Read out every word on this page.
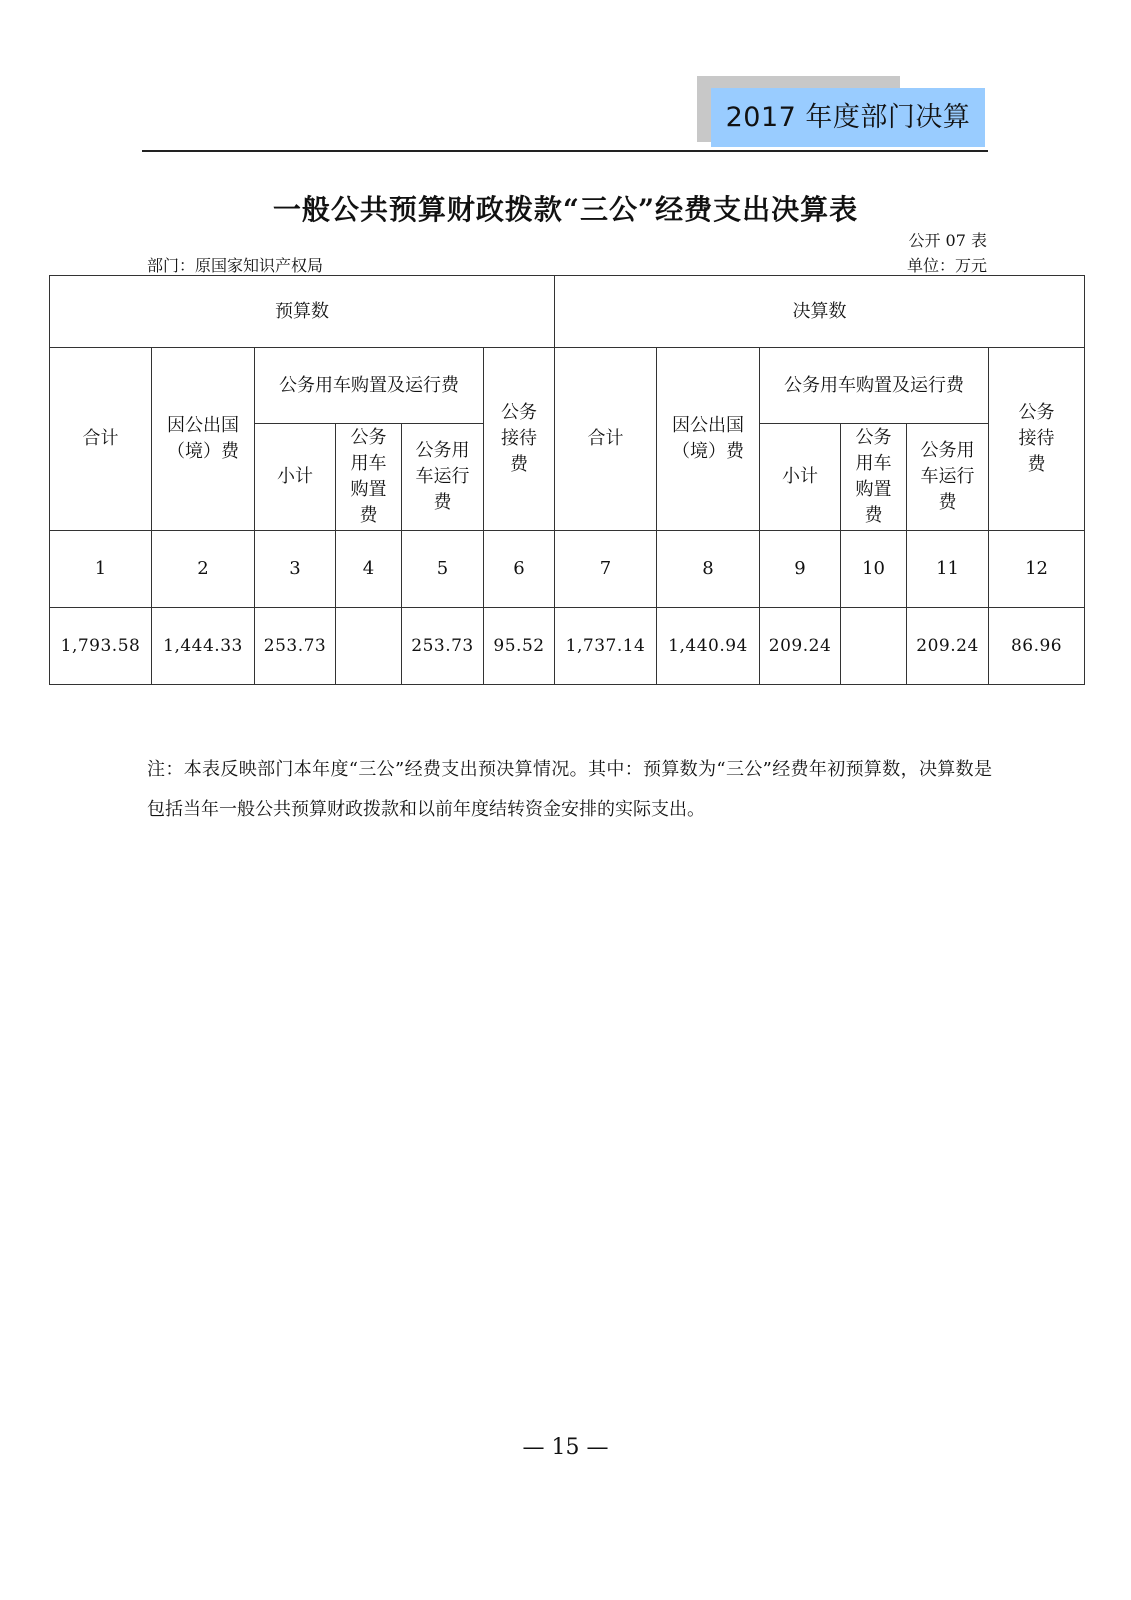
2017 年度部门决算
一般公共预算财政拨款“三公”经费支出决算表
公开 07 表
部门：原国家知识产权局	单位：万元
预算数						决算数					
合计	因公出国（境）费	公务用车购置及运行费			公务接待费	合计	因公出国（境）费	公务用车购置及运行费			公务接待费
		小计	公务用车购置费	公务用车运行费				小计	公务用车购置费	公务用车运行费	
1	2	3	4	5	6	7	8	9	10	11	12
1,793.58	1,444.33	253.73		253.73	95.52	1,737.14	1,440.94	209.24		209.24	86.96
注：本表反映部门本年度“三公”经费支出预决算情况。其中：预算数为“三公”经费年初预算数，决算数是包括当年一般公共预算财政拨款和以前年度结转资金安排的实际支出。
— 15 —
